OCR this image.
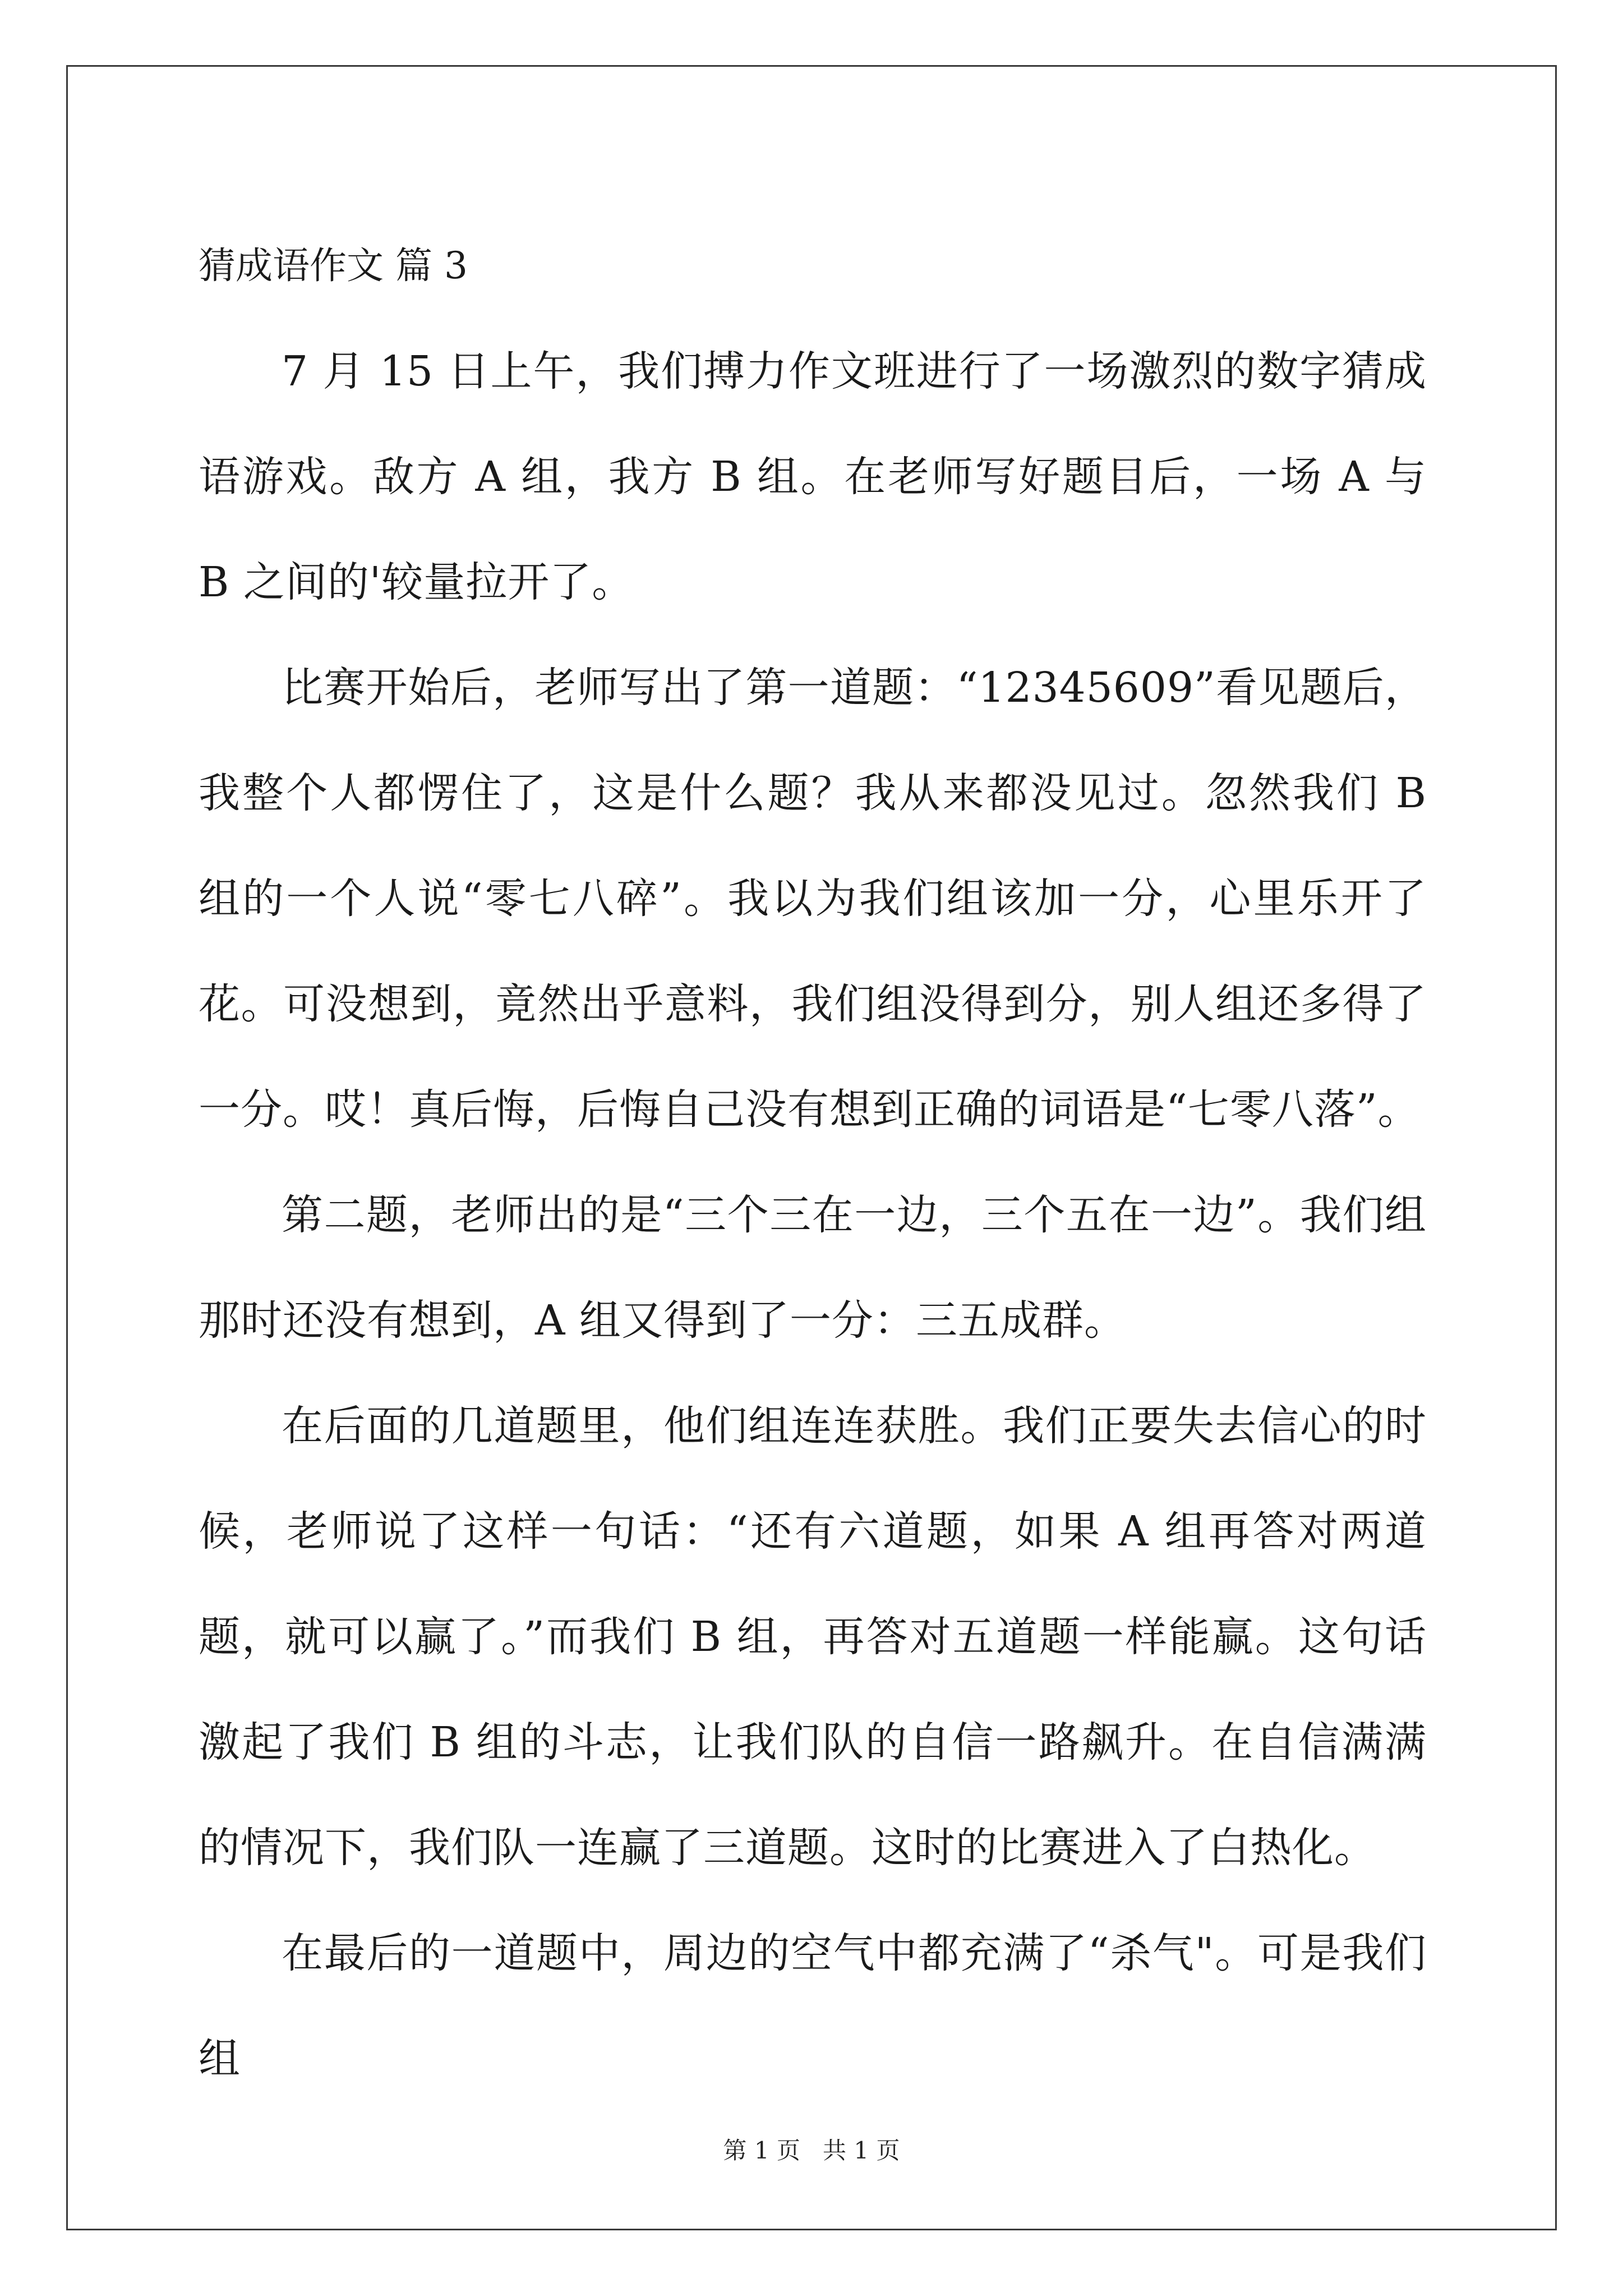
猜成语作文 篇 3

7 月 15 日上午，我们搏力作文班进行了一场激烈的数字猜成语游戏。敌方 A 组，我方 B 组。在老师写好题目后，一场 A 与 B 之间的'较量拉开了。

比赛开始后，老师写出了第一道题：“12345609”看见题后，我整个人都愣住了，这是什么题？我从来都没见过。忽然我们 B 组的一个人说“零七八碎”。我以为我们组该加一分，心里乐开了花。可没想到，竟然出乎意料，我们组没得到分，别人组还多得了一分。哎！真后悔，后悔自己没有想到正确的词语是“七零八落”。

第二题，老师出的是“三个三在一边，三个五在一边”。我们组那时还没有想到，A 组又得到了一分：三五成群。

在后面的几道题里，他们组连连获胜。我们正要失去信心的时候，老师说了这样一句话：“还有六道题，如果 A 组再答对两道题，就可以赢了。”而我们 B 组，再答对五道题一样能赢。这句话激起了我们 B 组的斗志，让我们队的自信一路飙升。在自信满满的情况下，我们队一连赢了三道题。这时的比赛进入了白热化。

在最后的一道题中，周边的空气中都充满了“杀气"。可是我们组

第 1 页   共 1 页
